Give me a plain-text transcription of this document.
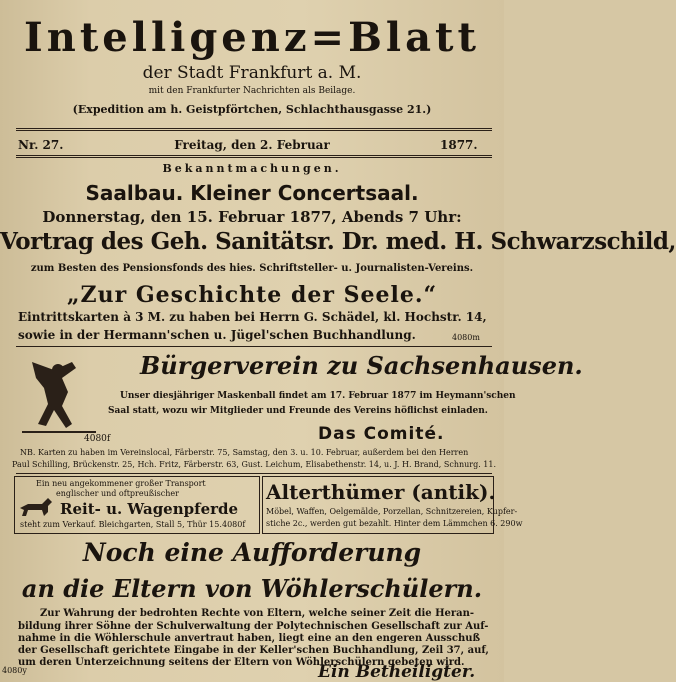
Intelligenz=Blatt
der Stadt Frankfurt a. M.
mit den Frankfurter Nachrichten als Beilage.
(Expedition am h. Geistpförtchen, Schlachthausgasse 21.)
Nr. 27.	Freitag, den 2. Februar	1877.
Bekanntmachungen.
Saalbau. Kleiner Concertsaal.
Donnerstag, den 15. Februar 1877, Abends 7 Uhr:
Vortrag des Geh. Sanitätsr. Dr. med. H. Schwarzschild,
zum Besten des Pensionsfonds des hies. Schriftsteller- u. Journalisten-Vereins.
„Zur Geschichte der Seele.“
Eintrittskarten à 3 M. zu haben bei Herrn G. Schädel, kl. Hochstr. 14,
sowie in der Hermann'schen u. Jügel'schen Buchhandlung.	4080m
Bürgerverein zu Sachsenhausen.
Unser diesjähriger Maskenball findet am 17. Februar 1877 im Heymann'schen
Saal statt, wozu wir Mitglieder und Freunde des Vereins höflichst einladen.
Das Comité.
4080f
NB. Karten zu haben im Vereinslocal, Färberstr. 75, Samstag, den 3. u. 10. Februar, außerdem bei den Herren
Paul Schilling, Brückenstr. 25, Hch. Fritz, Färberstr. 63, Gust. Leichum, Elisabethenstr. 14, u. J. H. Brand, Schnurg. 11.
Ein neu angekommener großer Transport
englischer und oftpreußischer
Reit- u. Wagenpferde
steht zum Verkauf. Bleichgarten, Stall 5, Thür 15. 4080f
Alterthümer (antik).
Möbel, Waffen, Oelgemälde, Porzellan, Schnitzereien, Kupfer-
stiche 2c., werden gut bezahlt. Hinter dem Lämmchen 6. 290w
Noch eine Aufforderung
an die Eltern von Wöhlerschülern.
Zur Wahrung der bedrohten Rechte von Eltern, welche seiner Zeit die Heran-
bildung ihrer Söhne der Schulverwaltung der Polytechnischen Gesellschaft zur Auf-
nahme in die Wöhlerschule anvertraut haben, liegt eine an den engeren Ausschuß
der Gesellschaft gerichtete Eingabe in der Keller'schen Buchhandlung, Zeil 37, auf,
um deren Unterzeichnung seitens der Eltern von Wöhlerschülern gebeten wird.
Ein Betheiligter.
4080y
